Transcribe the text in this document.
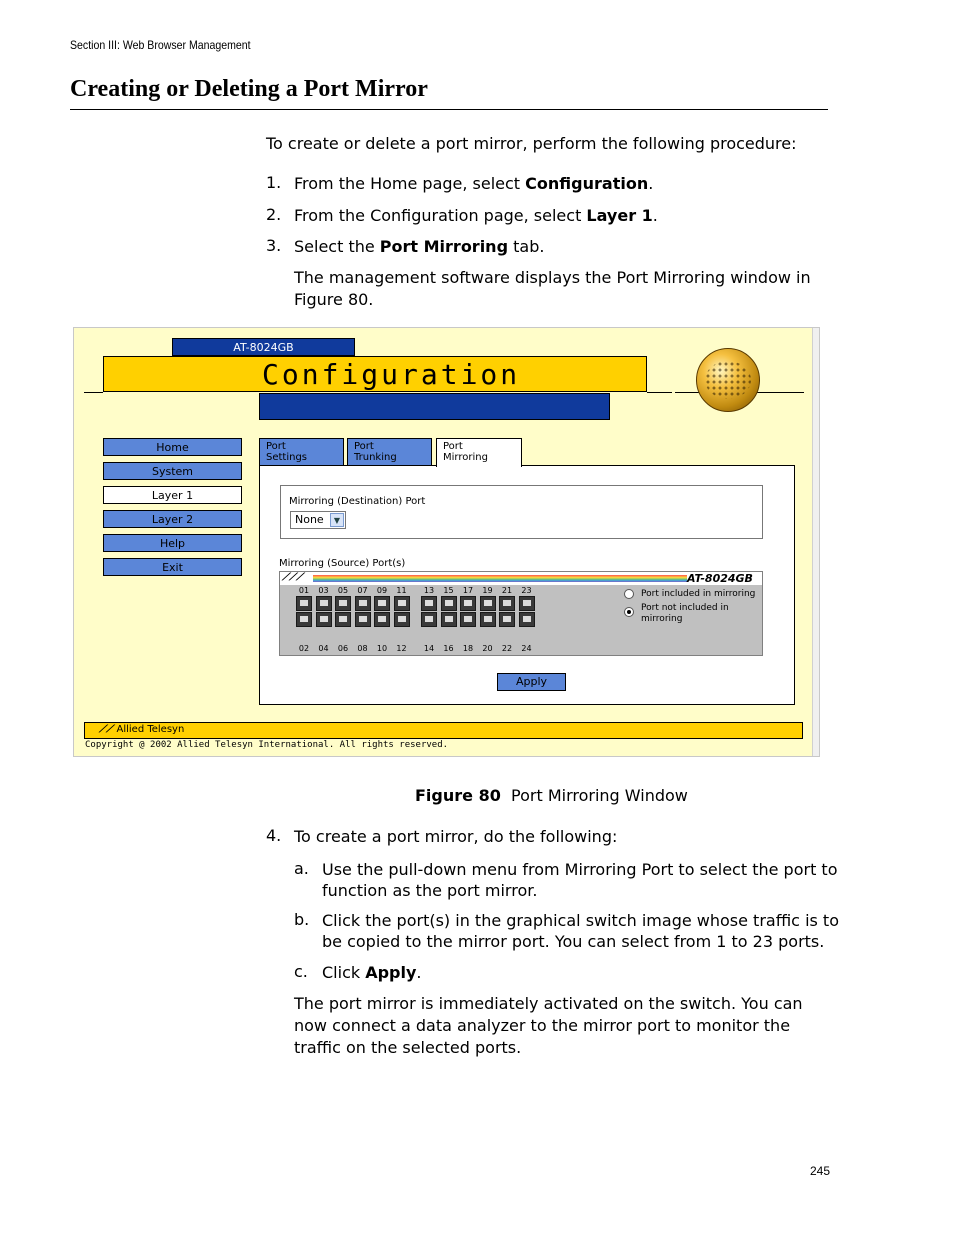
Section III: Web Browser Management
Creating or Deleting a Port Mirror
To create or delete a port mirror, perform the following procedure:
1. From the Home page, select Configuration.
2. From the Configuration page, select Layer 1.
3. Select the Port Mirroring tab.
The management software displays the Port Mirroring window in
Figure 80.
AT-8024GB
Configuration
Home
System
Layer 1
Layer 2
Help
Exit
Port
Settings
Port
Trunking
Mirroring (Destination) Port
None	▼
Mirroring (Source) Port(s)
⟋⟋⟋	AT-8024GB
01
02
03
04
05
06
07
08
09
10
11
12
13
14
15
16
17
18
19
20
21
22
23
24
Port included in mirroring
Port not included in
mirroring
Apply
Port
Mirroring
⟋⟋ Allied Telesyn
Copyright @ 2002 Allied Telesyn International. All rights reserved.
Figure 80 Port Mirroring Window
4. To create a port mirror, do the following:
a. Use the pull-down menu from Mirroring Port to select the port to
function as the port mirror.
b. Click the port(s) in the graphical switch image whose traffic is to
be copied to the mirror port. You can select from 1 to 23 ports.
c. Click Apply.
The port mirror is immediately activated on the switch. You can
now connect a data analyzer to the mirror port to monitor the
traffic on the selected ports.
245
